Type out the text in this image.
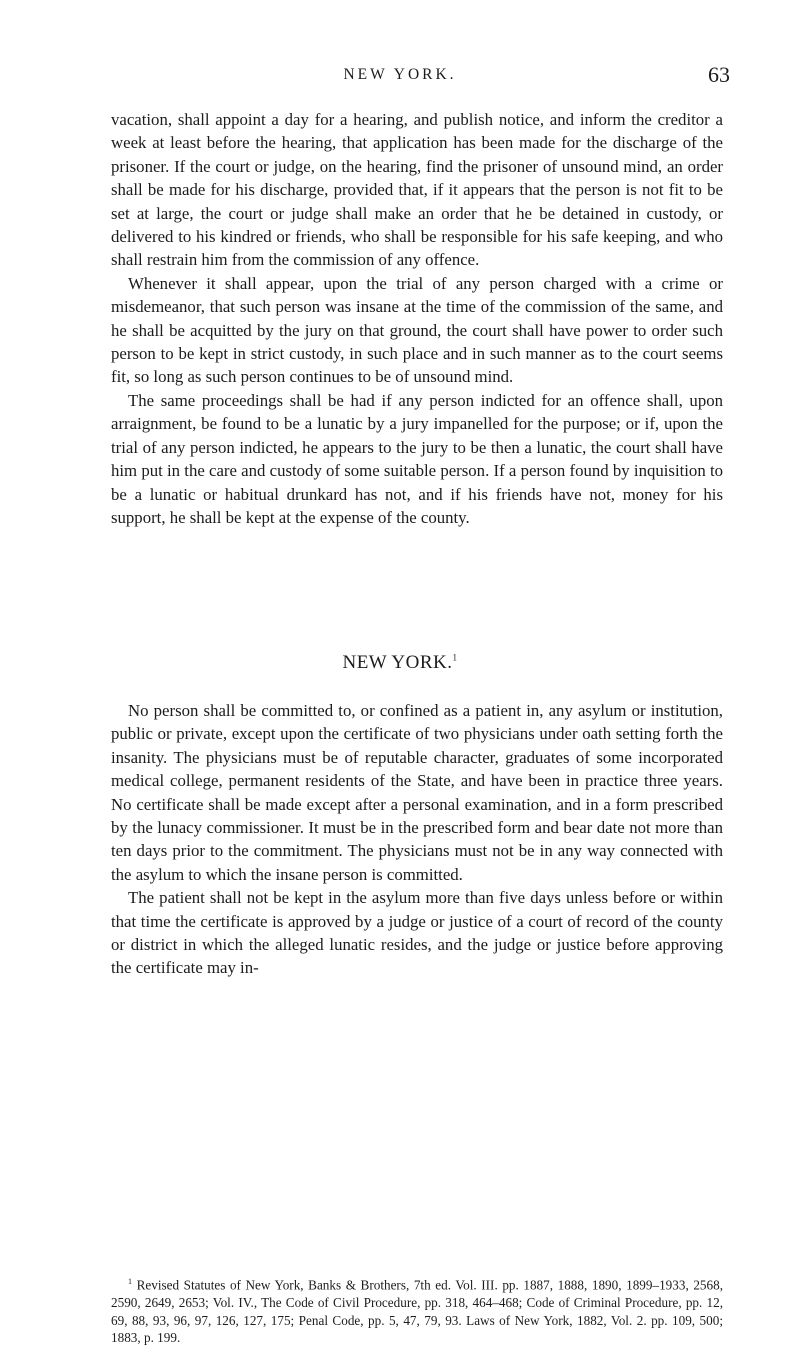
NEW YORK.	63

vacation, shall appoint a day for a hearing, and publish notice, and inform the creditor a week at least before the hearing, that application has been made for the discharge of the prisoner. If the court or judge, on the hearing, find the prisoner of unsound mind, an order shall be made for his discharge, provided that, if it appears that the person is not fit to be set at large, the court or judge shall make an order that he be detained in custody, or delivered to his kindred or friends, who shall be responsible for his safe keeping, and who shall restrain him from the commission of any offence.

Whenever it shall appear, upon the trial of any person charged with a crime or misdemeanor, that such person was insane at the time of the commission of the same, and he shall be acquitted by the jury on that ground, the court shall have power to order such person to be kept in strict custody, in such place and in such manner as to the court seems fit, so long as such person continues to be of unsound mind.

The same proceedings shall be had if any person indicted for an offence shall, upon arraignment, be found to be a lunatic by a jury impanelled for the purpose; or if, upon the trial of any person indicted, he appears to the jury to be then a lunatic, the court shall have him put in the care and custody of some suitable person. If a person found by inquisition to be a lunatic or habitual drunkard has not, and if his friends have not, money for his support, he shall be kept at the expense of the county.

NEW YORK.$^1$

No person shall be committed to, or confined as a patient in, any asylum or institution, public or private, except upon the certificate of two physicians under oath setting forth the insanity. The physicians must be of reputable character, graduates of some incorporated medical college, permanent residents of the State, and have been in practice three years. No certificate shall be made except after a personal examination, and in a form prescribed by the lunacy commissioner. It must be in the prescribed form and bear date not more than ten days prior to the commitment. The physicians must not be in any way connected with the asylum to which the insane person is committed.

The patient shall not be kept in the asylum more than five days unless before or within that time the certificate is approved by a judge or justice of a court of record of the county or district in which the alleged lunatic resides, and the judge or justice before approving the certificate may in-

$^1$ Revised Statutes of New York, Banks & Brothers, 7th ed. Vol. III. pp. 1887, 1888, 1890, 1899–1933, 2568, 2590, 2649, 2653; Vol. IV., The Code of Civil Procedure, pp. 318, 464–468; Code of Criminal Procedure, pp. 12, 69, 88, 93, 96, 97, 126, 127, 175; Penal Code, pp. 5, 47, 79, 93. Laws of New York, 1882, Vol. 2. pp. 109, 500; 1883, p. 199.
